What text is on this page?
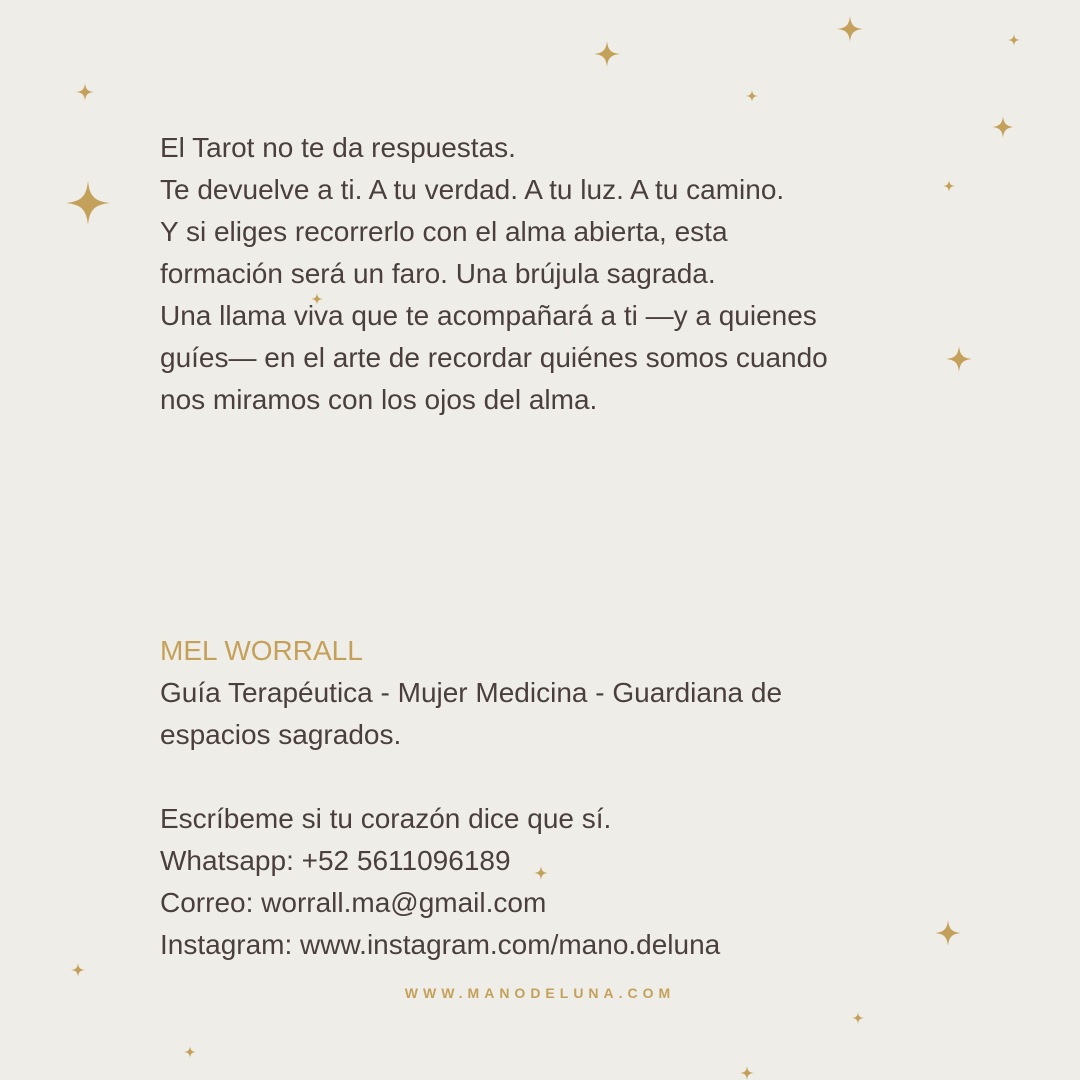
El Tarot no te da respuestas.
Te devuelve a ti. A tu verdad. A tu luz. A tu camino.
Y si eliges recorrerlo con el alma abierta, esta
formación será un faro. Una brújula sagrada.
Una llama viva que te acompañará a ti —y a quienes
guíes— en el arte de recordar quiénes somos cuando
nos miramos con los ojos del alma.
MEL WORRALL
Guía Terapéutica - Mujer Medicina - Guardiana de
espacios sagrados.
Escríbeme si tu corazón dice que sí.
Whatsapp: +52 5611096189
Correo: worrall.ma@gmail.com
Instagram: www.instagram.com/mano.deluna
WWW.MANODELUNA.COM
